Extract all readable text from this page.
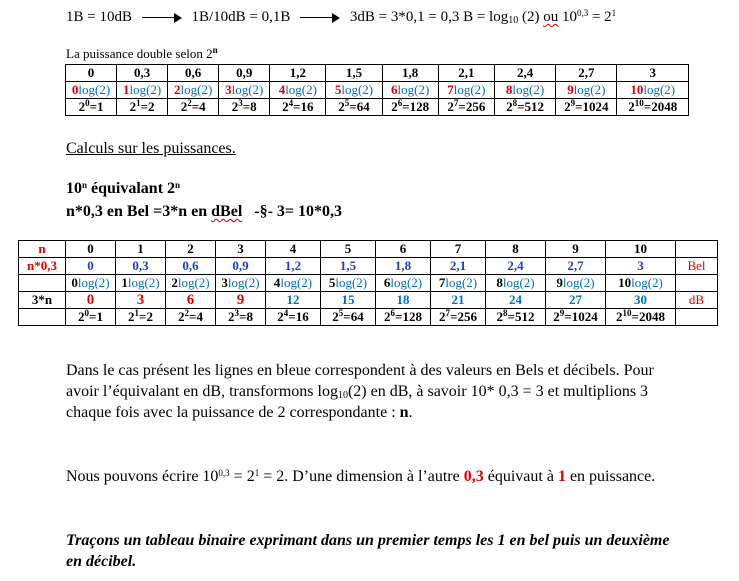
1B = 10dB	1B/10dB = 0,1B	3dB = 3*0,1 = 0,3 $B = \log_{10} (2)$ ou $10^{0,3} = 2^1$
La puissance double selon 2$^n$
0	0,3	0,6	0,9	1,2	1,5	1,8	2,1	2,4	2,7	3
0log(2)	1log(2)	2log(2)	3log(2)	4log(2)	5log(2)	6log(2)	7log(2)	8log(2)	9log(2)	10log(2)
$2^0=1$	$2^1=2$	$2^2=4$	$2^3=8$	$2^4=16$	$2^5=64$	$2^6=128$	$2^7=256$	$2^8=512$	$2^9=1024$	$2^{10}=2048$
Calculs sur les puissances.
10$^n$ équivalant 2$^n$
n*0,3 en Bel =3*n en dBel   -§- 3= 10*0,3
n	0	1	2	3	4	5	6	7	8	9	10	
n*0,3	0	0,3	0,6	0,9	1,2	1,5	1,8	2,1	2,4	2,7	3	Bel
	0log(2)	1log(2)	2log(2)	3log(2)	4log(2)	5log(2)	6log(2)	7log(2)	8log(2)	9log(2)	10log(2)	
3*n	0	3	6	9	12	15	18	21	24	27	30	dB
	$2^0=1$	$2^1=2$	$2^2=4$	$2^3=8$	$2^4=16$	$2^5=64$	$2^6=128$	$2^7=256$	$2^8=512$	$2^9=1024$	$2^{10}=2048$	
Dans le cas présent les lignes en bleue correspondent à des valeurs en Bels et décibels. Pour avoir l’équivalant en dB, transformons $\log_{10}(2)$ en dB, à savoir 10* 0,3 = 3 et multiplions 3 chaque fois avec la puissance de 2 correspondante : n.
Nous pouvons écrire $10^{0,3} = 2^1 = 2$. D’une dimension à l’autre 0,3 équivaut à 1 en puissance.
Traçons un tableau binaire exprimant dans un premier temps les 1 en bel puis un deuxième en décibel.
